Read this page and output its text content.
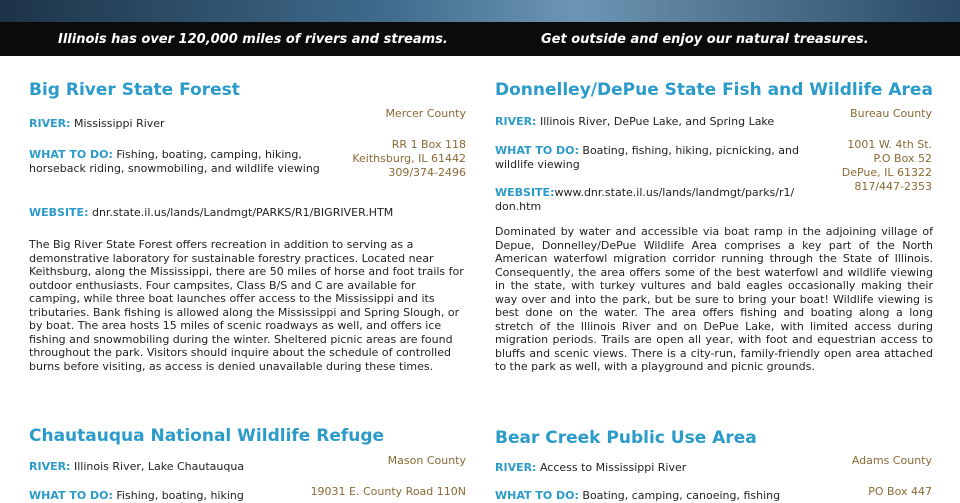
Illinois has over 120,000 miles of rivers and streams.	Get outside and enjoy our natural treasures.
Big River State Forest
Mercer County
RIVER: Mississippi River
WHAT TO DO: Fishing, boating, camping, hiking, horseback riding, snowmobiling, and wildlife viewing
RR 1 Box 118
Keithsburg, IL 61442
309/374-2496
WEBSITE: dnr.state.il.us/lands/Landmgt/PARKS/R1/BIGRIVER.HTM
The Big River State Forest offers recreation in addition to serving as a demonstrative laboratory for sustainable forestry practices. Located near Keithsburg, along the Mississippi, there are 50 miles of horse and foot trails for outdoor enthusiasts. Four campsites, Class B/S and C are available for camping, while three boat launches offer access to the Mississippi and its tributaries. Bank fishing is allowed along the Mississippi and Spring Slough, or by boat. The area hosts 15 miles of scenic roadways as well, and offers ice fishing and snowmobiling during the winter. Sheltered picnic areas are found throughout the park. Visitors should inquire about the schedule of controlled burns before visiting, as access is denied unavailable during these times.
Chautauqua National Wildlife Refuge
Mason County
RIVER: Illinois River, Lake Chautauqua
WHAT TO DO: Fishing, boating, hiking	19031 E. County Road 110N
Donnelley/DePue State Fish and Wildlife Area
Bureau County
RIVER: Illinois River, DePue Lake, and Spring Lake
WHAT TO DO: Boating, fishing, hiking, picnicking, and wildlife viewing
1001 W. 4th St.
P.O Box 52
DePue, IL 61322
817/447-2353
WEBSITE:www.dnr.state.il.us/lands/landmgt/parks/r1/ don.htm
Dominated by water and accessible via boat ramp in the adjoining village of Depue, Donnelley/DePue Wildlife Area comprises a key part of the North American waterfowl migration corridor running through the State of Illinois. Consequently, the area offers some of the best waterfowl and wildlife viewing in the state, with turkey vultures and bald eagles occasionally making their way over and into the park, but be sure to bring your boat! Wildlife viewing is best done on the water. The area offers fishing and boating along a long stretch of the Illinois River and on DePue Lake, with limited access during migration periods. Trails are open all year, with foot and equestrian access to bluffs and scenic views. There is a city-run, family-friendly open area attached to the park as well, with a playground and picnic grounds.
Bear Creek Public Use Area
Adams County
RIVER: Access to Mississippi River
WHAT TO DO: Boating, camping, canoeing, fishing	PO Box 447
